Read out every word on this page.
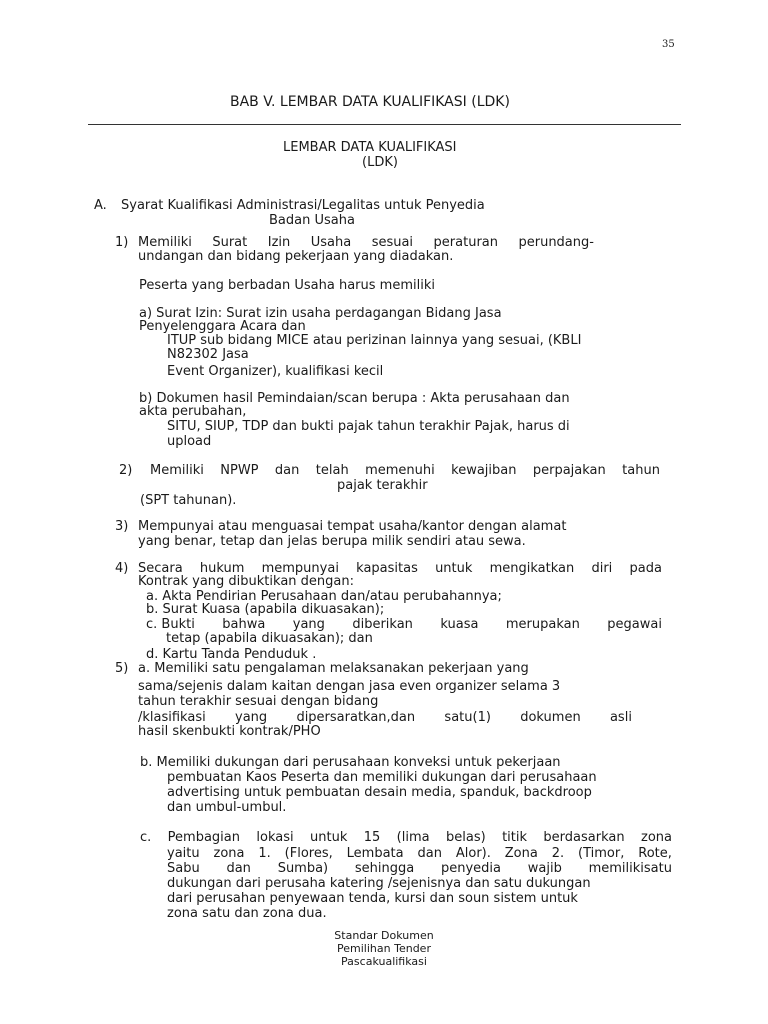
35
BAB V. LEMBAR DATA KUALIFIKASI (LDK)
LEMBAR DATA KUALIFIKASI
(LDK)
A. Syarat Kualifikasi Administrasi/Legalitas untuk Penyedia
Badan Usaha
1) Memiliki Surat Izin Usaha sesuai peraturan perundang-
undangan dan bidang pekerjaan yang diadakan.
Peserta yang berbadan Usaha harus memiliki
a) Surat Izin: Surat izin usaha perdagangan Bidang Jasa
Penyelenggara Acara dan
ITUP sub bidang MICE atau perizinan lainnya yang sesuai, (KBLI
N82302 Jasa
Event Organizer), kualifikasi kecil
b) Dokumen hasil Pemindaian/scan berupa : Akta perusahaan dan
akta perubahan,
SITU, SIUP, TDP dan bukti pajak tahun terakhir Pajak, harus di
upload
2) Memiliki NPWP dan telah memenuhi kewajiban perpajakan tahun
pajak terakhir
(SPT tahunan).
3) Mempunyai atau menguasai tempat usaha/kantor dengan alamat
yang benar, tetap dan jelas berupa milik sendiri atau sewa.
4) Secara hukum mempunyai kapasitas untuk mengikatkan diri pada
Kontrak yang dibuktikan dengan:
a. Akta Pendirian Perusahaan dan/atau perubahannya;
b. Surat Kuasa (apabila dikuasakan);
c. Bukti bahwa yang diberikan kuasa merupakan pegawai
tetap (apabila dikuasakan); dan
d. Kartu Tanda Penduduk .
5) a. Memiliki satu pengalaman melaksanakan pekerjaan yang
sama/sejenis dalam kaitan dengan jasa even organizer selama 3
tahun terakhir sesuai dengan bidang
/klasifikasi yang dipersaratkan,dan satu(1) dokumen asli
hasil skenbukti kontrak/PHO
b. Memiliki dukungan dari perusahaan konveksi untuk pekerjaan
pembuatan Kaos Peserta dan memiliki dukungan dari perusahaan
advertising untuk pembuatan desain media, spanduk, backdroop
dan umbul-umbul.
c. Pembagian lokasi untuk 15 (lima belas) titik berdasarkan zona
yaitu zona 1. (Flores, Lembata dan Alor). Zona 2. (Timor, Rote,
Sabu dan Sumba) sehingga penyedia wajib memilikisatu
dukungan dari perusaha katering /sejenisnya dan satu dukungan
dari perusahan penyewaan tenda, kursi dan soun sistem untuk
zona satu dan zona dua.
Standar Dokumen
Pemilihan Tender
Pascakualifikasi
